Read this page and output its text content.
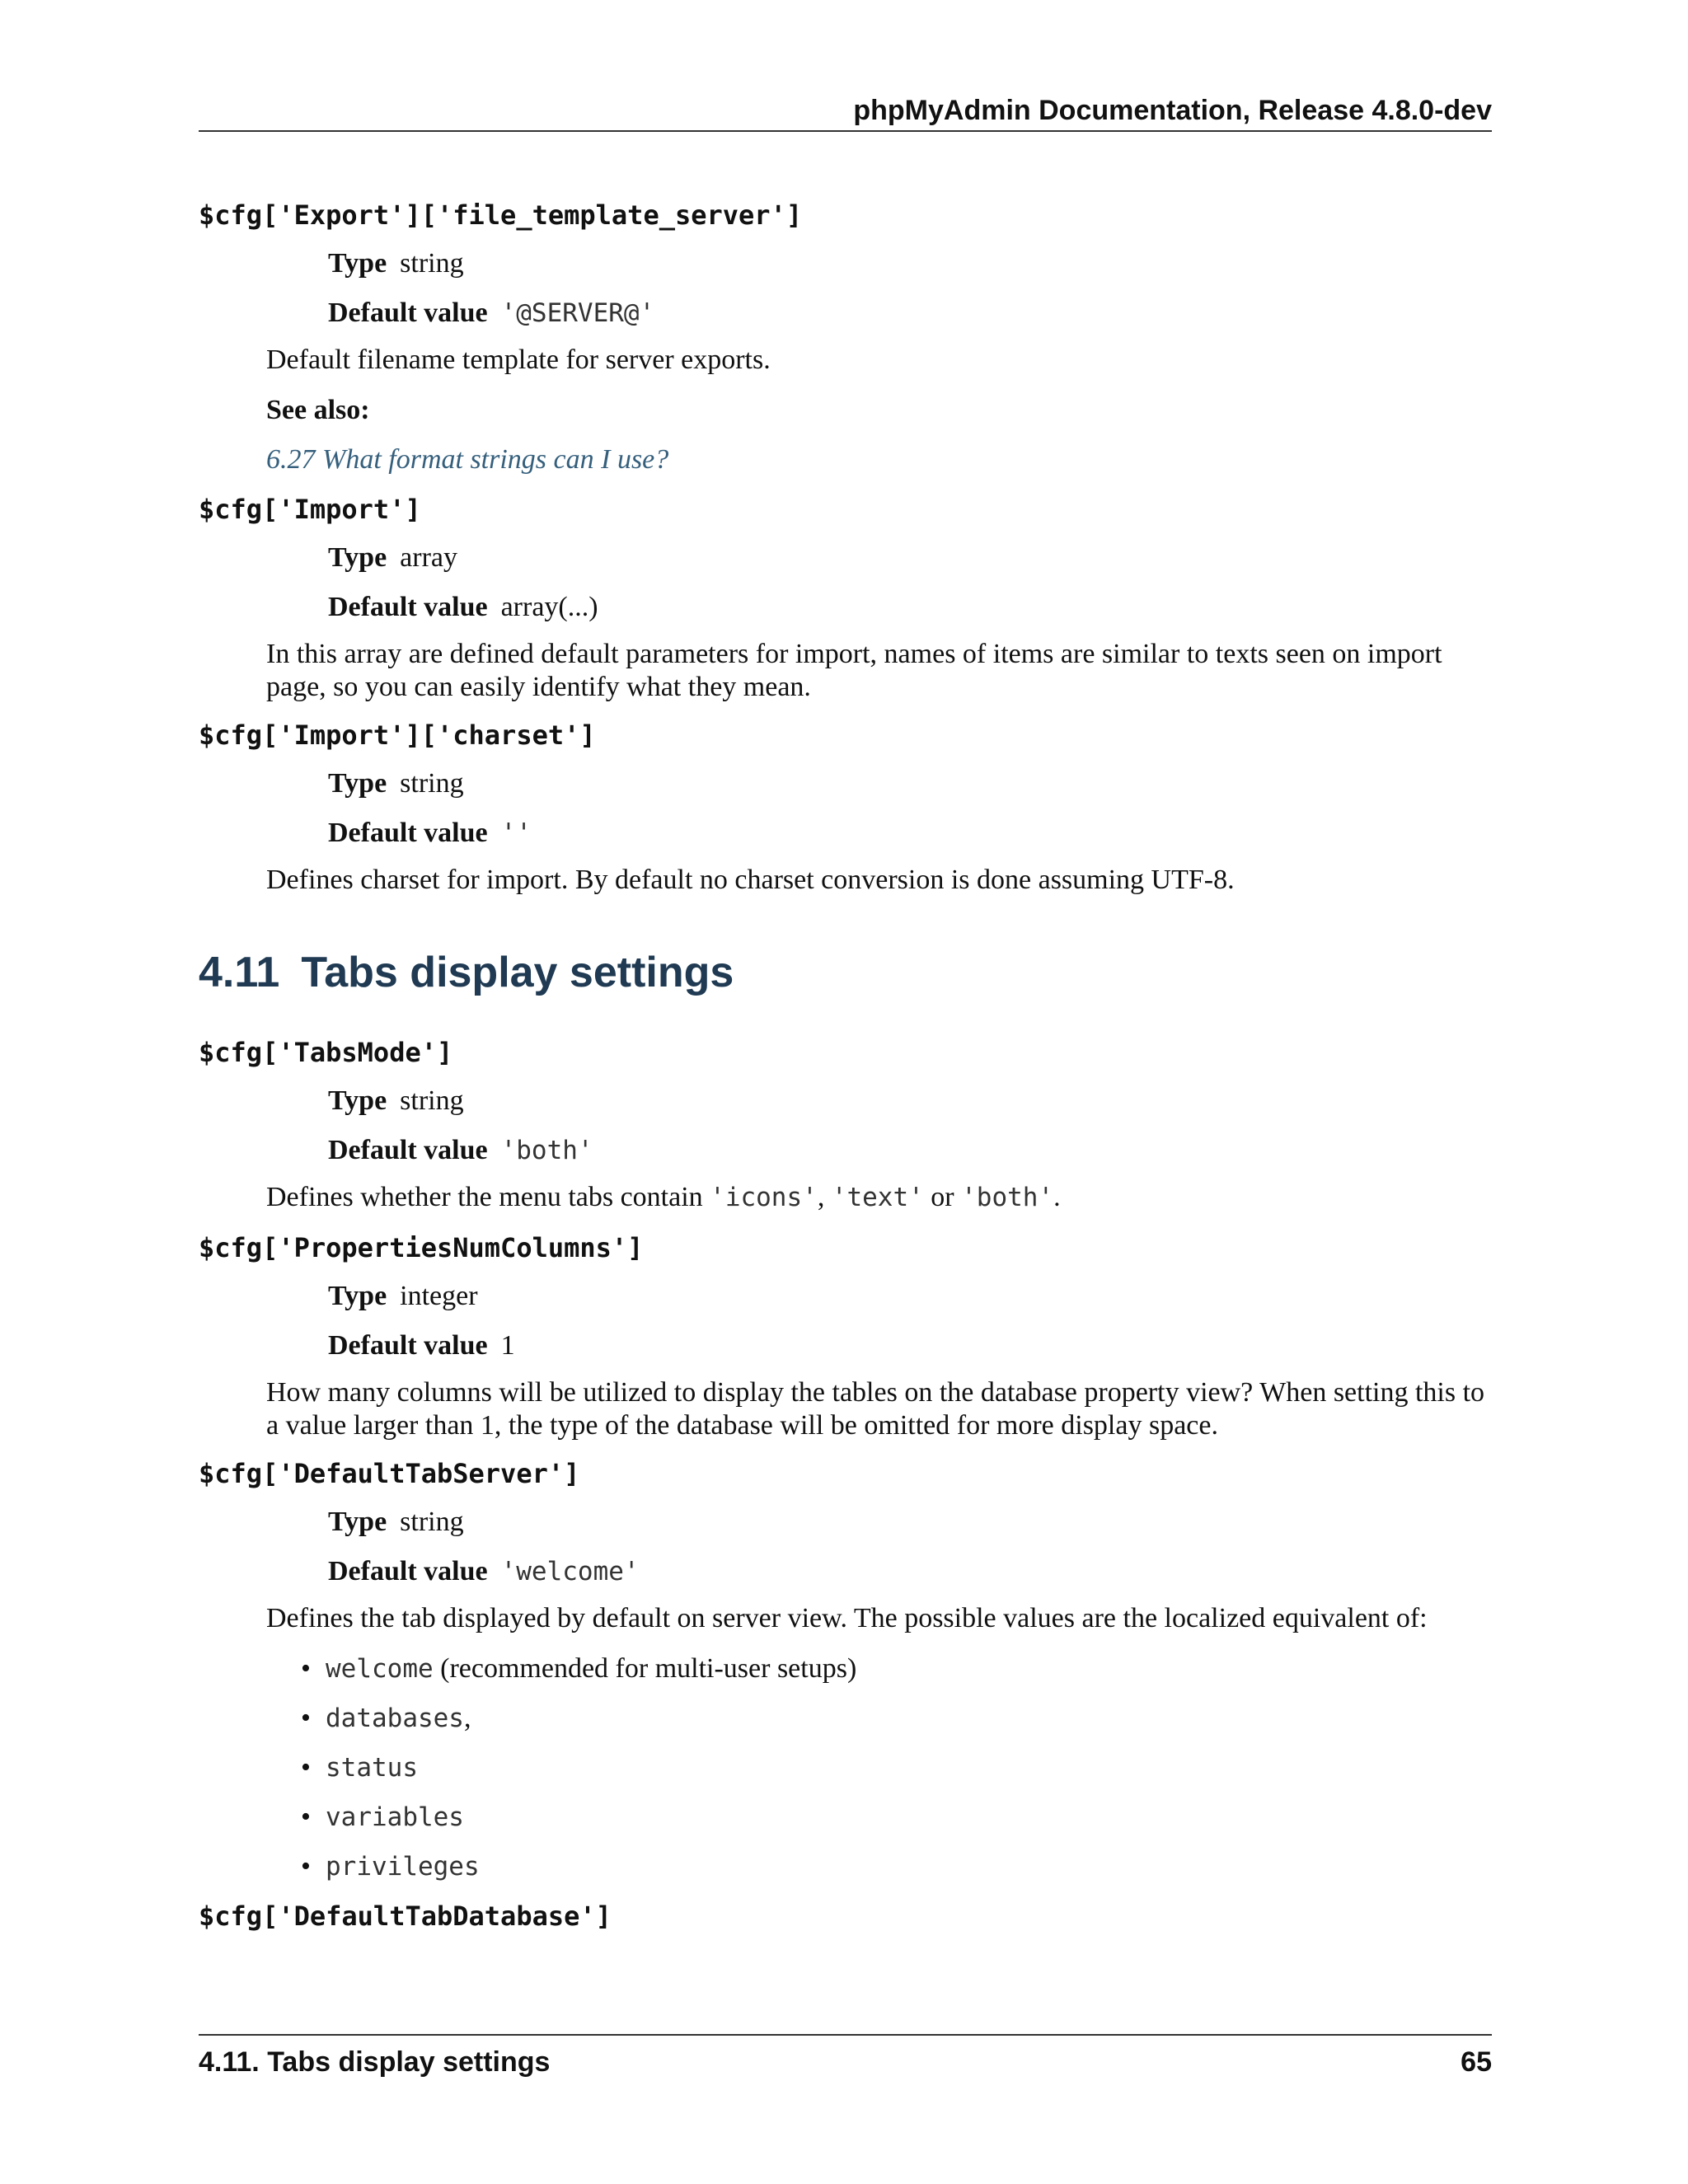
phpMyAdmin Documentation, Release 4.8.0-dev
$cfg['Export']['file_template_server']
Type string
Default value '@SERVER@'
Default filename template for server exports.
See also:
6.27 What format strings can I use?
$cfg['Import']
Type array
Default value array(...)
In this array are defined default parameters for import, names of items are similar to texts seen on import page, so you can easily identify what they mean.
$cfg['Import']['charset']
Type string
Default value ''
Defines charset for import. By default no charset conversion is done assuming UTF-8.
4.11 Tabs display settings
$cfg['TabsMode']
Type string
Default value 'both'
Defines whether the menu tabs contain 'icons', 'text' or 'both'.
$cfg['PropertiesNumColumns']
Type integer
Default value 1
How many columns will be utilized to display the tables on the database property view? When setting this to a value larger than 1, the type of the database will be omitted for more display space.
$cfg['DefaultTabServer']
Type string
Default value 'welcome'
Defines the tab displayed by default on server view. The possible values are the localized equivalent of:
• welcome (recommended for multi-user setups)
• databases,
• status
• variables
• privileges
$cfg['DefaultTabDatabase']
4.11. Tabs display settings	65
